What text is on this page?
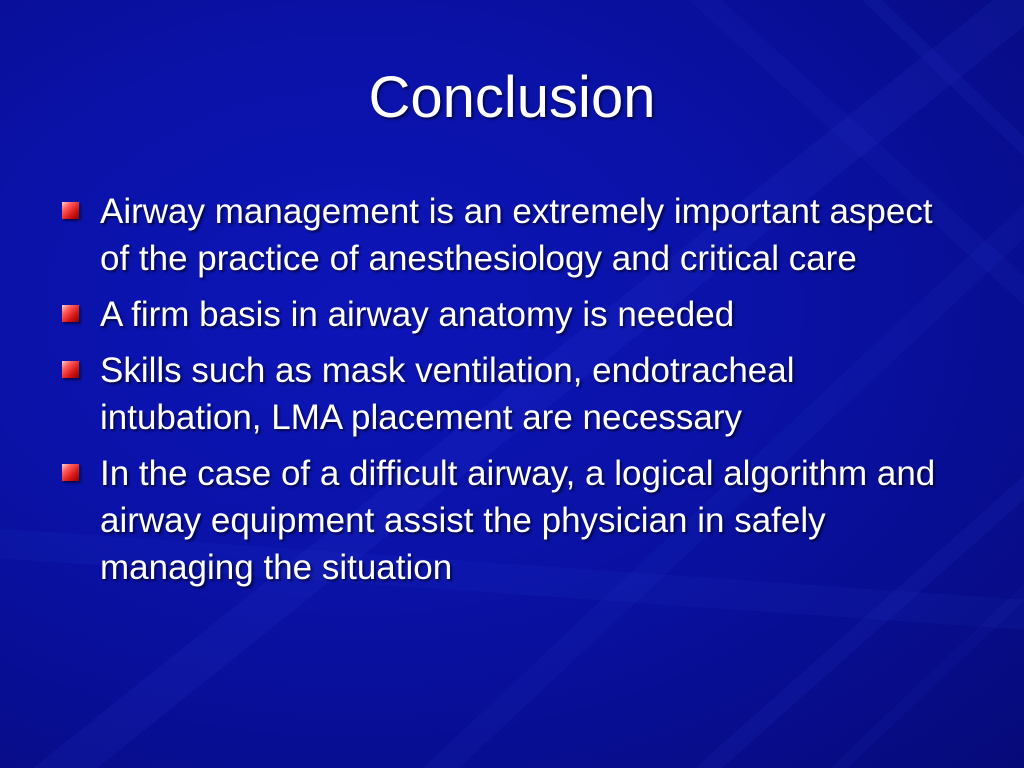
Conclusion
Airway management is an extremely important aspect of the practice of anesthesiology and critical care
A firm basis in airway anatomy is needed
Skills such as mask ventilation, endotracheal intubation, LMA placement are necessary
In the case of a difficult airway, a logical algorithm and airway equipment assist the physician in safely managing the situation
